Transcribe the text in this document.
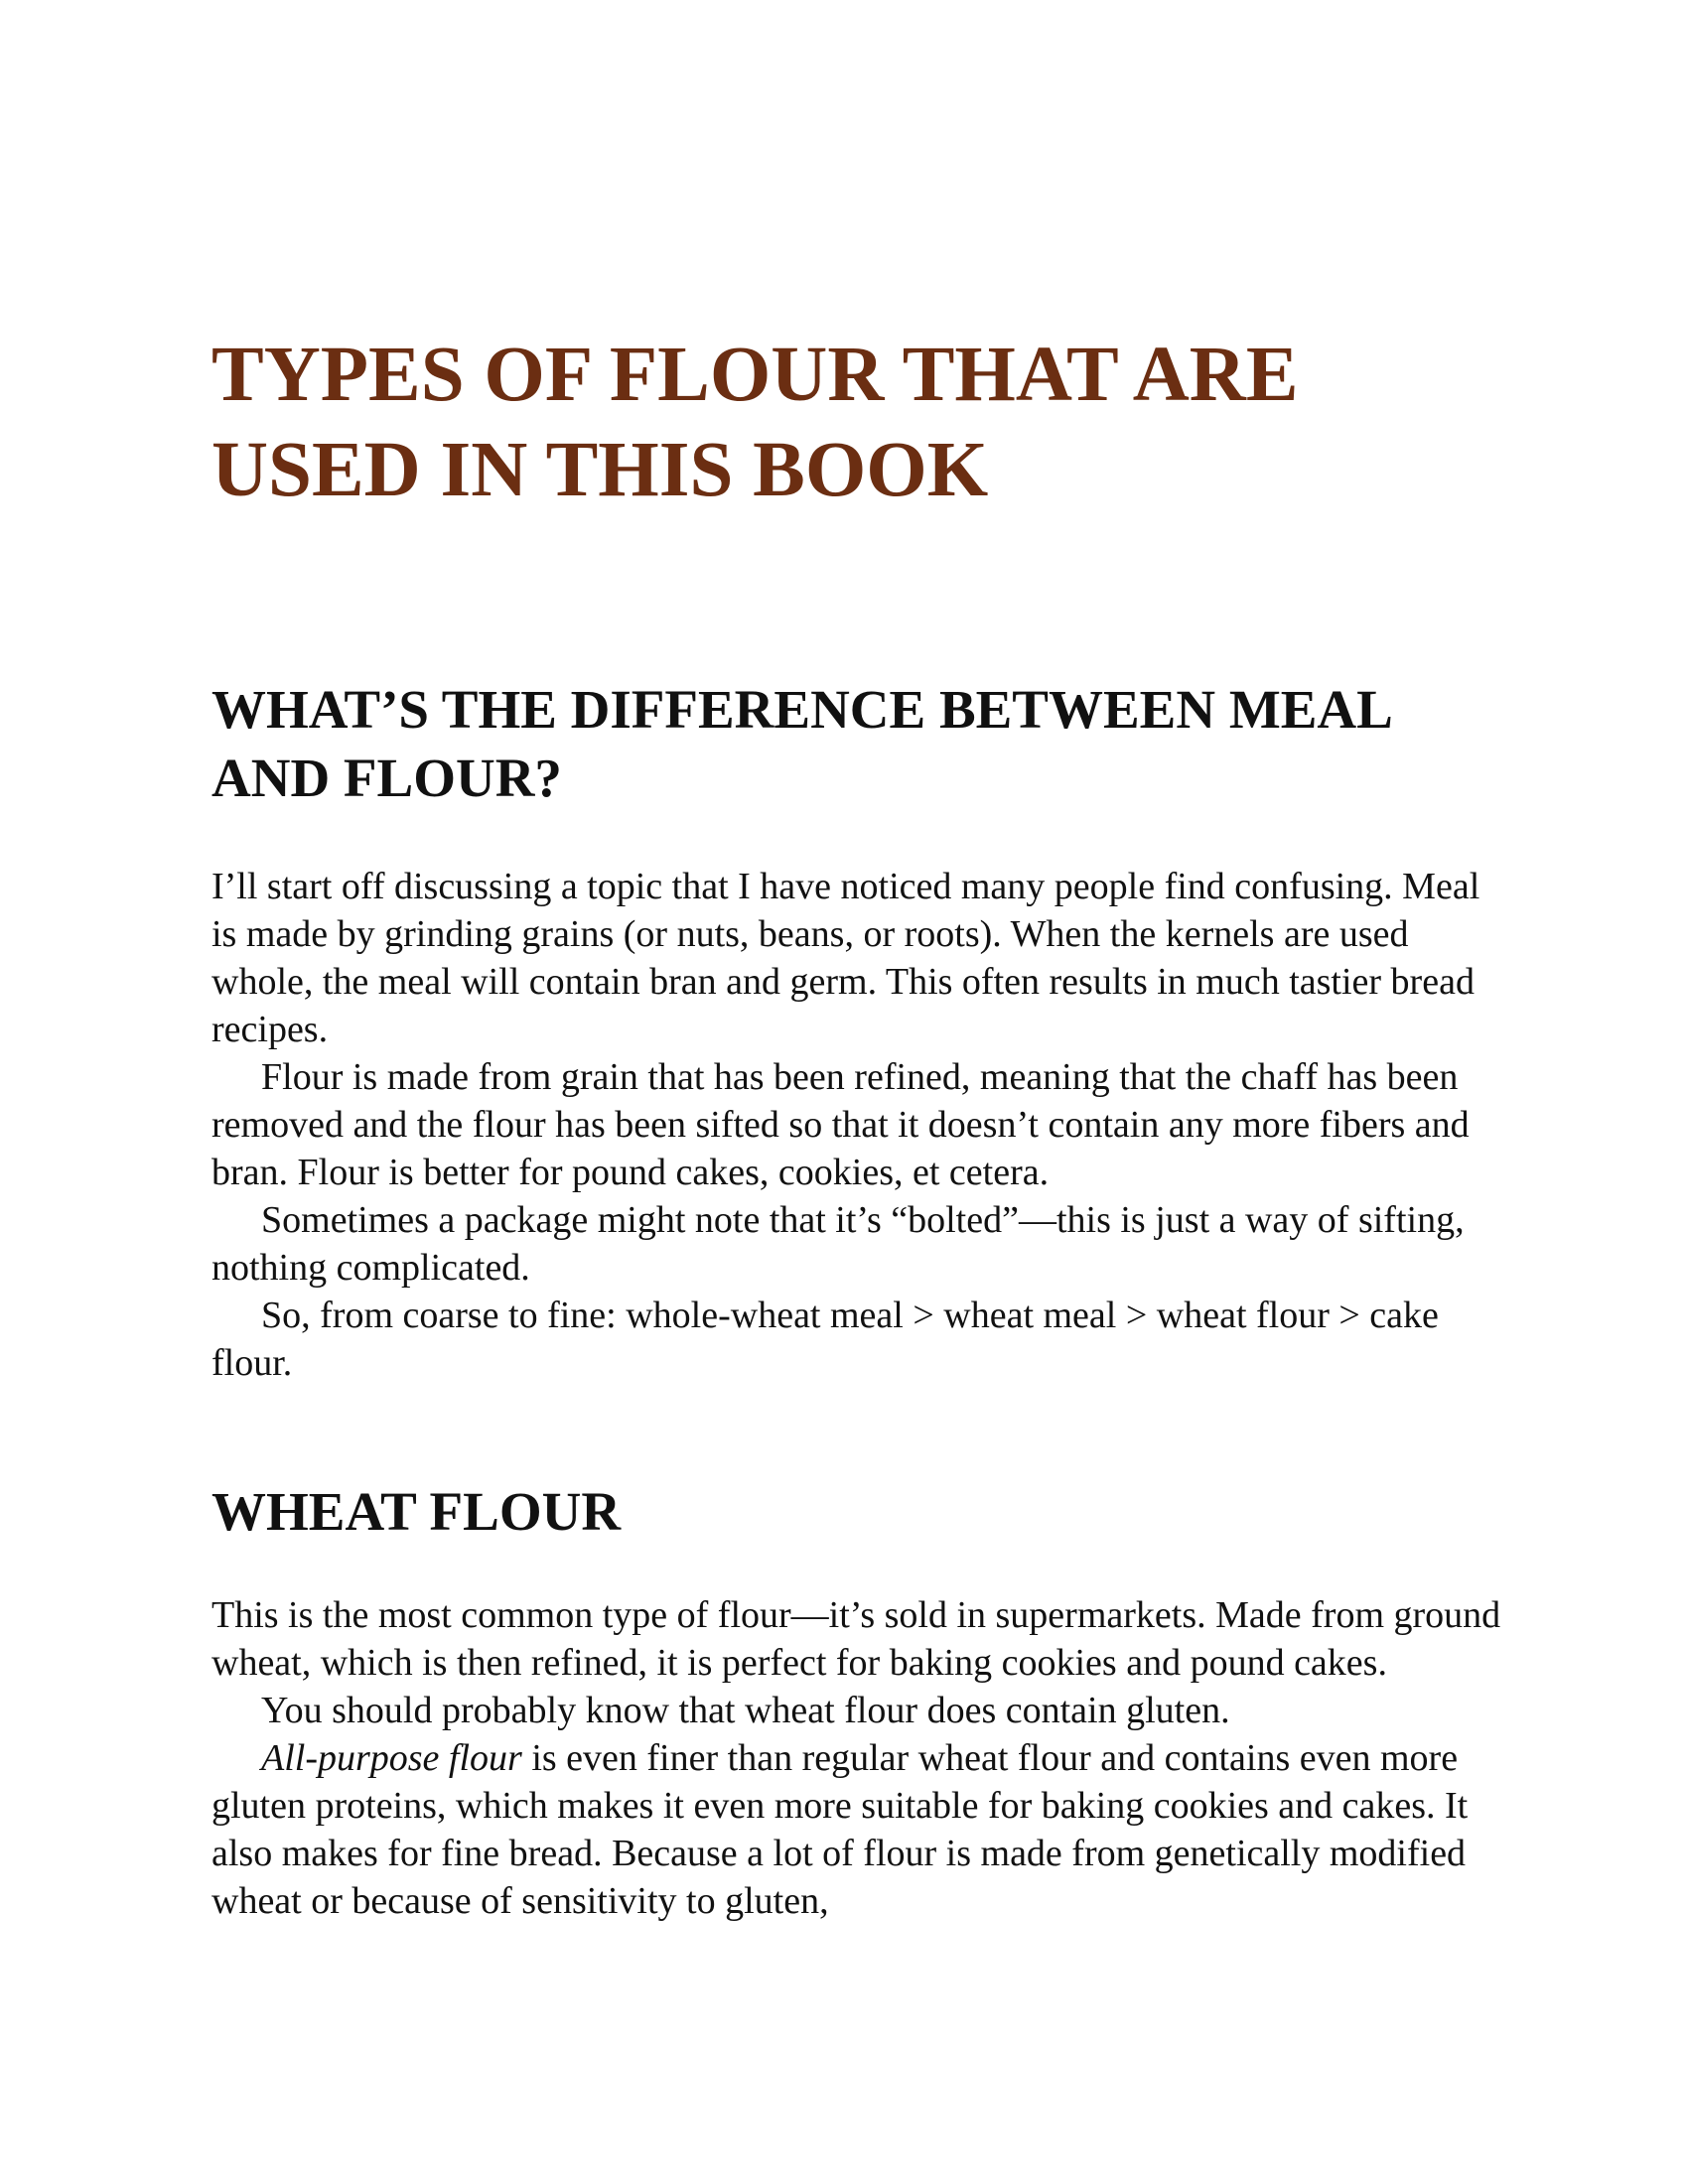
TYPES OF FLOUR THAT ARE USED IN THIS BOOK
WHAT’S THE DIFFERENCE BETWEEN MEAL AND FLOUR?

I’ll start off discussing a topic that I have noticed many people find confusing. Meal is made by grinding grains (or nuts, beans, or roots). When the kernels are used whole, the meal will contain bran and germ. This often results in much tastier bread recipes.

Flour is made from grain that has been refined, meaning that the chaff has been removed and the flour has been sifted so that it doesn’t contain any more fibers and bran. Flour is better for pound cakes, cookies, et cetera.

Sometimes a package might note that it’s “bolted”—this is just a way of sifting, nothing complicated.

So, from coarse to fine: whole-wheat meal > wheat meal > wheat flour > cake flour.

WHEAT FLOUR

This is the most common type of flour—it’s sold in supermarkets. Made from ground wheat, which is then refined, it is perfect for baking cookies and pound cakes.

You should probably know that wheat flour does contain gluten.

All-purpose flour is even finer than regular wheat flour and contains even more gluten proteins, which makes it even more suitable for baking cookies and cakes. It also makes for fine bread. Because a lot of flour is made from genetically modified wheat or because of sensitivity to gluten,
